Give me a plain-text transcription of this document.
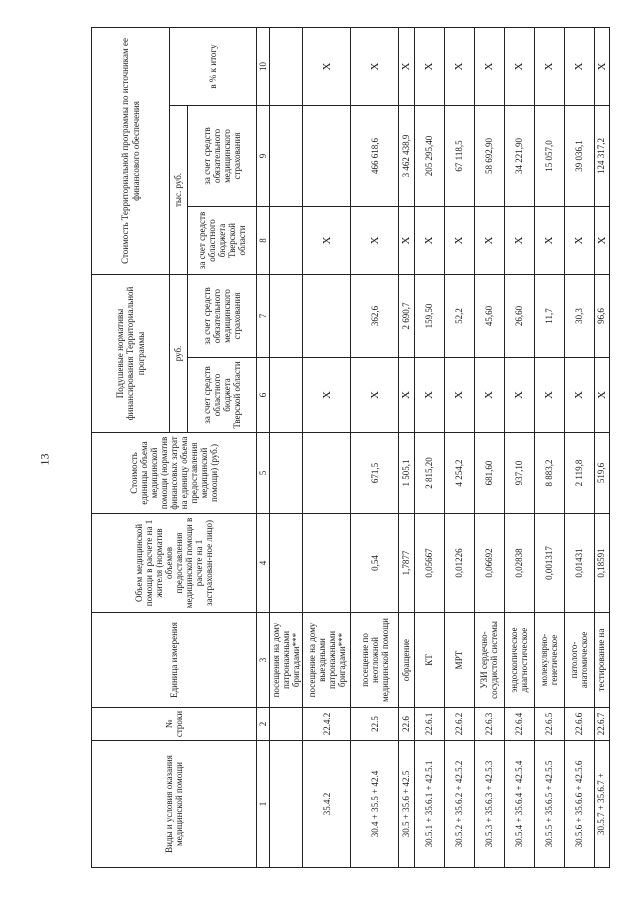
13
Виды и условия оказания медицинской помощи	№ строки	Единица измерения	Объем медицинской помощи в расчете на 1 жителя (норматив объемов предоставления медицинской помощи в расчете на 1 застрахован-ное лицо)	Стоимость единицы объема медицинской помощи (норматив финансовых затрат на единицу объема предоставления медицинской помощи) (руб.)	Подушевые нормативы финансирования Территориальной программы		Стоимость Территориальной программы по источникам ее финансового обеспечения		
					руб.		тыс. руб.		в % к итогу
					за счет средств областного бюджета Тверской области	за счет средств обязательного медицинского страхования	за счет средств областного бюджета Тверской области	за счет средств обязательного медицинского страхования	
1	2	3	4	5	6	7	8	9	10
		посещения на дому патронажными бригадами***							
35.4.2	22.4.2	посещение на дому выездными патронажными бригадами***			Х		Х		Х
30.4 + 35.5 + 42.4	22.5	посещение по неотложной медицинской помощи	0,54	671,5	Х	362,6	Х	466 618,6	Х
30.5 + 35.6 + 42.5	22.6	обращение	1,7877	1 505,1	Х	2 690,7	Х	3 462 438,9	Х
30.5.1 + 35.6.1 + 42.5.1	22.6.1	КТ	0,05667	2 815,20	Х	159,50	Х	205 295,40	Х
30.5.2 + 35.6.2 + 42.5.2	22.6.2	МРТ	0,01226	4 254,2	Х	52,2	Х	67 118,5	Х
30.5.3 + 35.6.3 + 42.5.3	22.6.3	УЗИ сердечно-сосудистой системы	0,06692	681,60	Х	45,60	Х	58 692,90	Х
30.5.4 + 35.6.4 + 42.5.4	22.6.4	эндоскопическое диагностическое	0,02838	937,10	Х	26,60	Х	34 221,90	Х
30.5.5 + 35.6.5 + 42.5.5	22.6.5	молекулярно-генетическое	0,001317	8 883,2	Х	11,7	Х	15 057,0	Х
30.5.6 + 35.6.6 + 42.5.6	22.6.6	патолого-анатомическое	0,01431	2 119,8	Х	30,3	Х	39 036,1	Х
30.5.7 + 35.6.7 +	22.6.7	тестирование на	0,18591	519,6	Х	96,6	Х	124 317,2	Х
